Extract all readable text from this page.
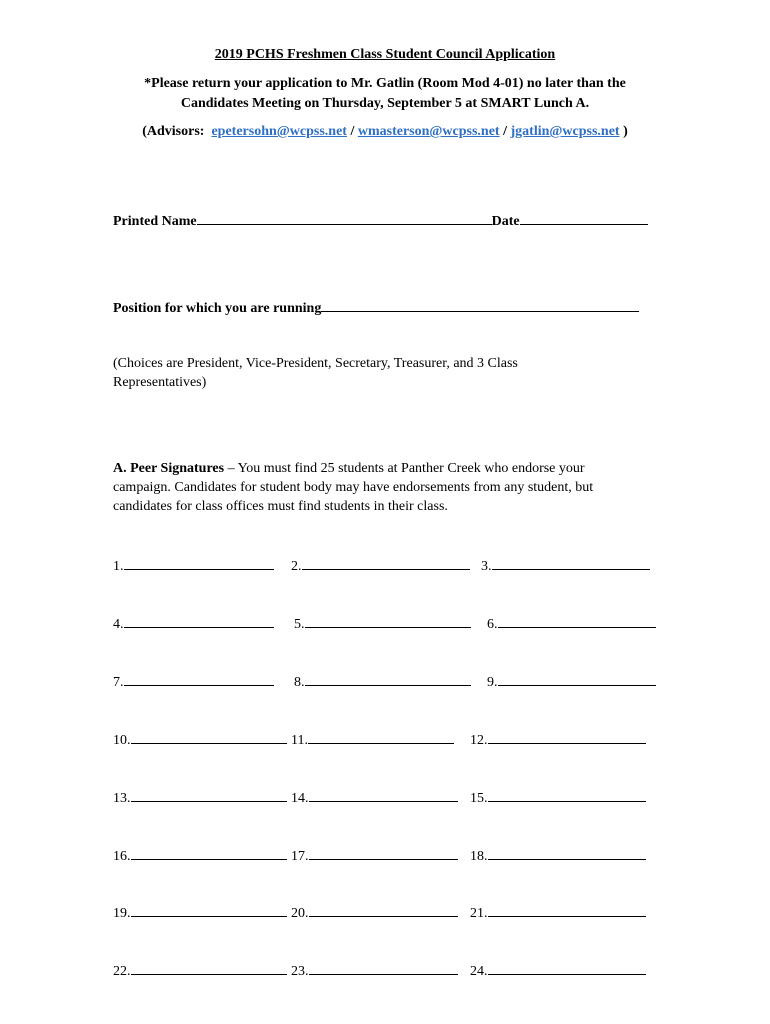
2019 PCHS Freshmen Class Student Council Application
*Please return your application to Mr. Gatlin (Room Mod 4-01) no later than the
Candidates Meeting on Thursday, September 5 at SMART Lunch A.
(Advisors: epetersohn@wcpss.net / wmasterson@wcpss.net / jgatlin@wcpss.net )
Printed Name	Date
Position for which you are running
(Choices are President, Vice-President, Secretary, Treasurer, and 3 Class Representatives)
A. Peer Signatures – You must find 25 students at Panther Creek who endorse your campaign. Candidates for student body may have endorsements from any student, but candidates for class offices must find students in their class.
1.	2.	3.
4.	5.	6.
7.	8.	9.
10.	11.	12.
13.	14.	15.
16.	17.	18.
19.	20.	21.
22.	23.	24.
